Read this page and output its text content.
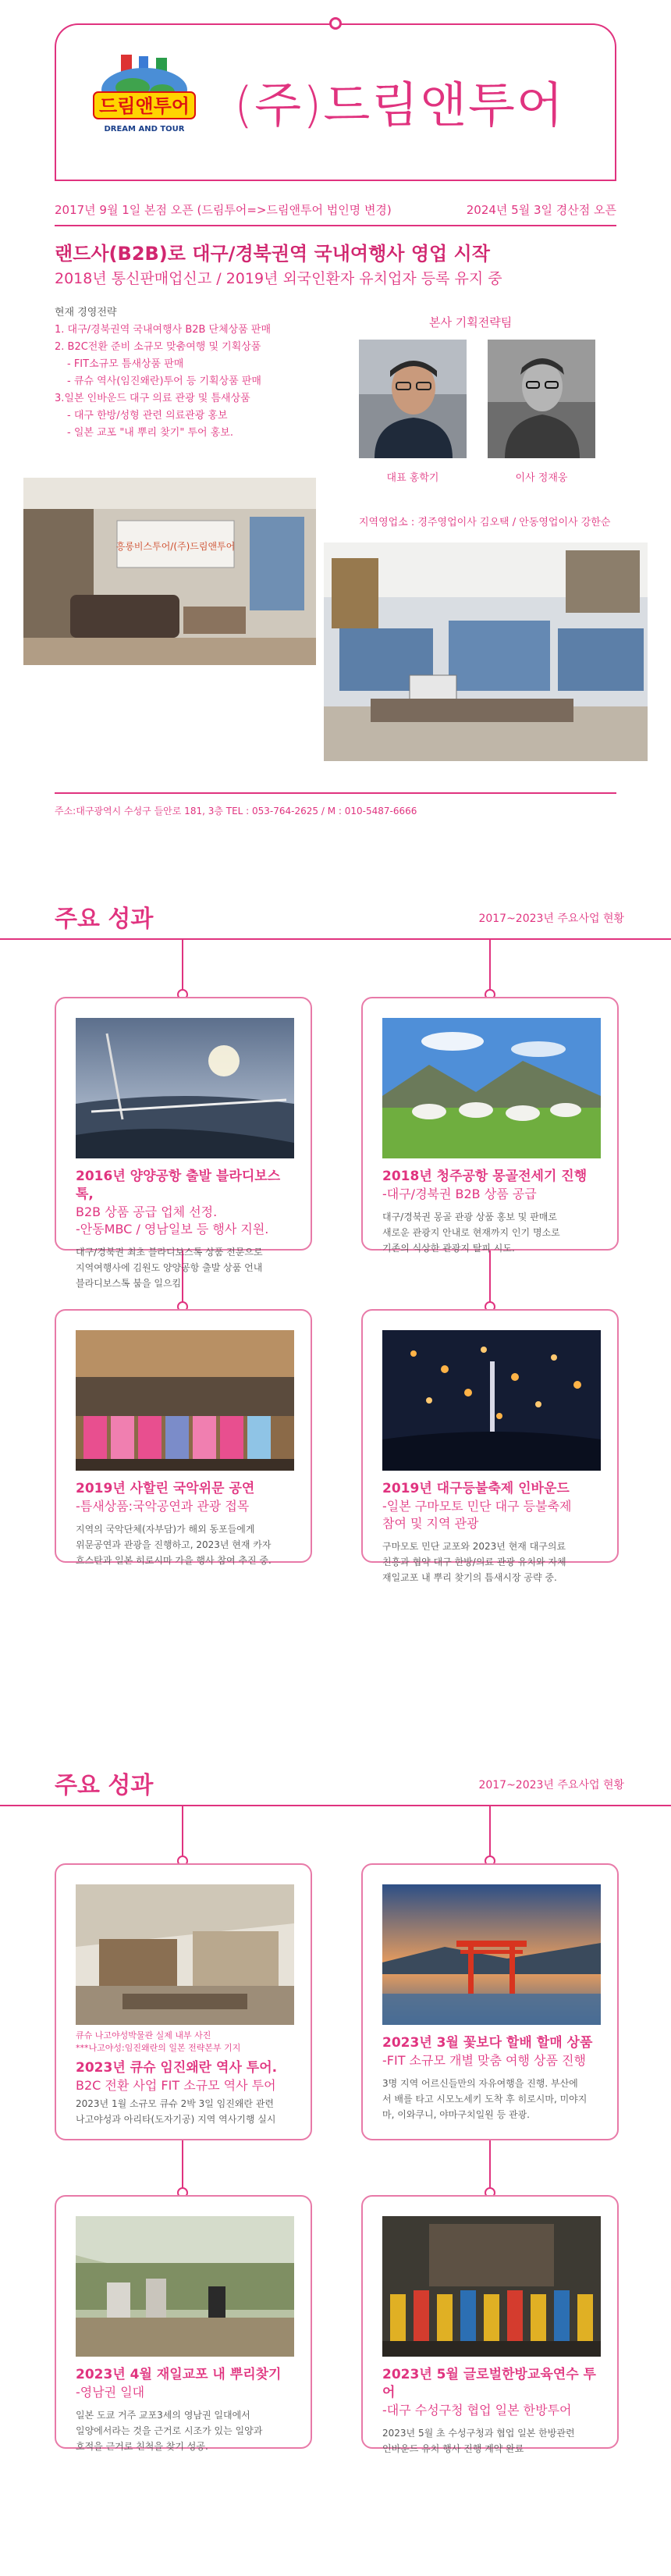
드림앤투어
DREAM AND TOUR (주)드림앤투어
2017년 9월 1일 본점 오픈 (드림투어=>드림앤투어 법인명 변경)	2024년 5월 3일 경산점 오픈
랜드사(B2B)로 대구/경북권역 국내여행사 영업 시작
2018년 통신판매업신고 / 2019년 외국인환자 유치업자 등록 유지 중
현재 경영전략
1. 대구/경북권역 국내여행사 B2B 단체상품 판매
2. B2C전환 준비 소규모 맞춤여행 및 기획상품
- FIT소규모 틈새상품 판매
- 큐슈 역사(임진왜란)투어 등 기획상품 판매
3.일본 인바운드 대구 의료 관광 및 틈새상품
- 대구 한방/성형 관련 의료관광 홍보
- 일본 교포 "내 뿌리 찾기" 투어 홍보.
본사 기획전략팀
대표 홍학기	이사 정재웅
지역영업소 : 경주영업이사 김오택 / 안동영업이사 강한순
흥롱비스투어/(주)드림앤투어
주소:대구광역시 수성구 들안로 181, 3층 TEL : 053-764-2625 / M : 010-5487-6666
주요 성과	2017~2023년 주요사업 현황
2016년 양양공항 출발 블라디보스톡,
B2B 상품 공급 업체 선정.
-안동MBC / 영남일보 등 행사 지원.
대구/경북권 최초 블라디보스톡 상품 전문으로
지역여행사에 김원도 양양공항 출발 상품 언내
블라디보스톡 붐을 일으킴
2018년 청주공항 몽골전세기 진행
-대구/경북권 B2B 상품 공급
대구/경북권 몽골 관광 상품 홍보 및 판매로
새로운 관광지 안내로 현재까지 인기 명소로
기존의 식상한 관광지 탈피 시도.
2019년 사할린 국악위문 공연
-틈새상품:국악공연과 관광 접목
지역의 국악단체(자부담)가 해외 동포들에게
위문공연과 관광을 진행하고, 2023년 현재 카자
흐스탄과 일본 히로시마 가을 행사 참여 추진 중.
2019년 대구등불축제 인바운드
-일본 구마모토 민단 대구 등불축제
참여 및 지역 관광
구마모토 민단 교포와 2023년 현재 대구의료
친흥과 협약 대구 한방/의료 관광 유치와 자체
재일교포 내 뿌리 찾기의 틈새시장 공략 중.
주요 성과	2017~2023년 주요사업 현황
큐슈 나고야성박물관 실제 내부 사진
***나고야성:임진왜란의 일본 전략본부 기지
2023년 큐슈 임진왜란 역사 투어.
B2C 전환 사업 FIT 소규모 역사 투어
2023년 1월 소규모 큐슈 2박 3일 임진왜란 관련
나고야성과 아리타(도자기공) 지역 역사기행 실시
2023년 3월 꽃보다 할배 할매 상품
-FIT 소규모 개별 맞춤 여행 상품 진행
3명 지역 어르신들만의 자유여행을 진행. 부산에
서 배를 타고 시모노세키 도착 후 히로시마, 미야지
마, 이와쿠니, 야마구치일원 등 관광.
2023년 4월 재일교포 내 뿌리찾기
-영남권 일대
일본 도쿄 거주 교포3세의 영남권 일대에서
일양에서라는 것을 근거로 시조가 있는 일양과
호적을 근거로 친척을 찾기 성공.
2023년 5월 글로벌한방교육연수 투어
-대구 수성구청 협업 일본 한방투어
2023년 5월 초 수성구청과 협업 일본 한방관련
인바운드 유치 행사 진행 계약 완료
